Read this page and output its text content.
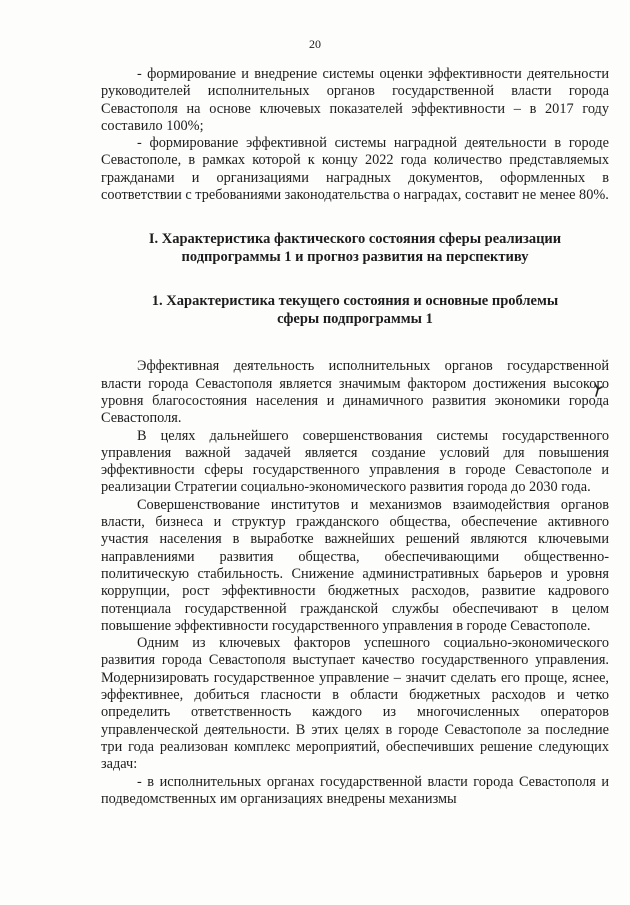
20

- формирование и внедрение системы оценки эффективности деятельности руководителей исполнительных органов государственной власти города Севастополя на основе ключевых показателей эффективности – в 2017 году составило 100%;

- формирование эффективной системы наградной деятельности в городе Севастополе, в рамках которой к концу 2022 года количество представляемых гражданами и организациями наградных документов, оформленных в соответствии с требованиями законодательства о наградах, составит не менее 80%.

I. Характеристика фактического состояния сферы реализации подпрограммы 1 и прогноз развития на перспективу
1. Характеристика текущего состояния и основные проблемы сферы подпрограммы 1

Эффективная деятельность исполнительных органов государственной власти города Севастополя является значимым фактором достижения высокого уровня благосостояния населения и динамичного развития экономики города Севастополя.

В целях дальнейшего совершенствования системы государственного управления важной задачей является создание условий для повышения эффективности сферы государственного управления в городе Севастополе и реализации Стратегии социально-экономического развития города до 2030 года.

Совершенствование институтов и механизмов взаимодействия органов власти, бизнеса и структур гражданского общества, обеспечение активного участия населения в выработке важнейших решений являются ключевыми направлениями развития общества, обеспечивающими общественно-политическую стабильность. Снижение административных барьеров и уровня коррупции, рост эффективности бюджетных расходов, развитие кадрового потенциала государственной гражданской службы обеспечивают в целом повышение эффективности государственного управления в городе Севастополе.

Одним из ключевых факторов успешного социально-экономического развития города Севастополя выступает качество государственного управления. Модернизировать государственное управление – значит сделать его проще, яснее, эффективнее, добиться гласности в области бюджетных расходов и четко определить ответственность каждого из многочисленных операторов управленческой деятельности. В этих целях в городе Севастополе за последние три года реализован комплекс мероприятий, обеспечивших решение следующих задач:

- в исполнительных органах государственной власти города Севастополя и подведомственных им организациях внедрены механизмы
